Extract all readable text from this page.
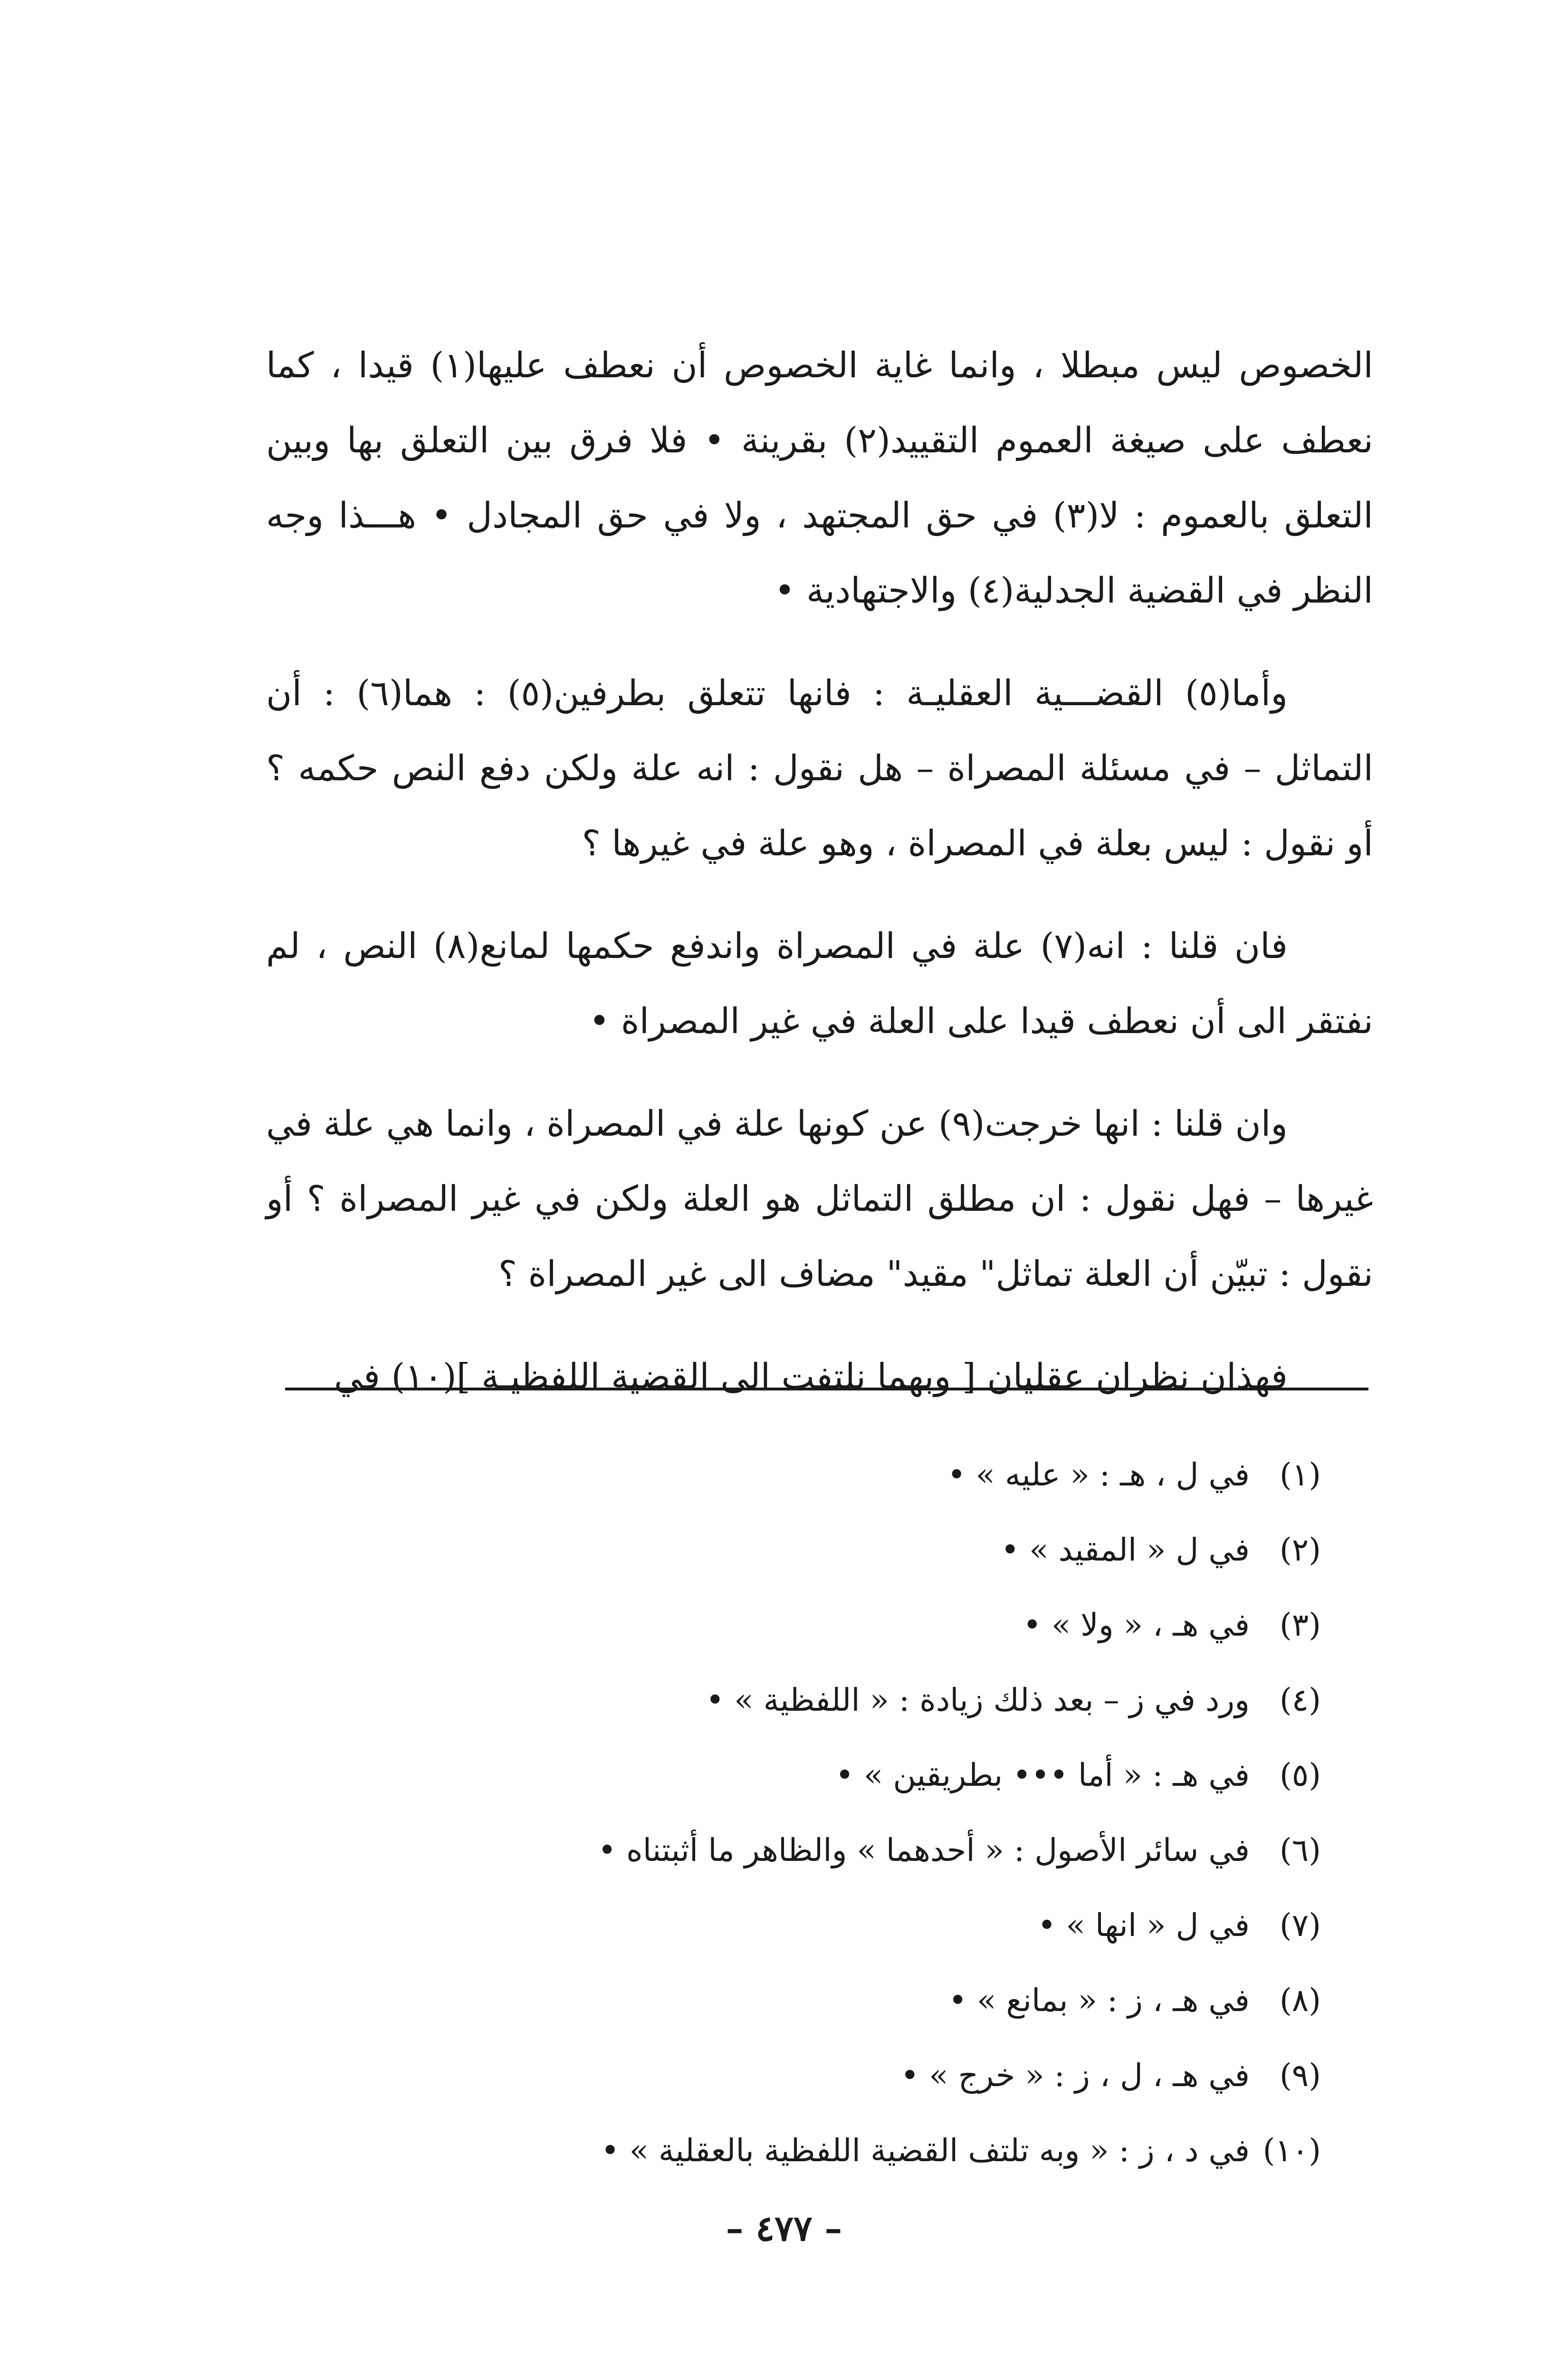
الخصوص ليس مبطلا ، وانما غاية الخصوص أن نعطف عليها(١) قيدا ، كما نعطف على صيغة العموم التقييد(٢) بقرينة • فلا فرق بين التعلق بها وبين التعلق بالعموم : لا(٣) في حق المجتهد ، ولا في حق المجادل • هـــذا وجه النظر في القضية الجدلية(٤) والاجتهادية •

وأما(٥) القضـــية العقليـة : فانها تتعلق بطرفين(٥) : هما(٦) : أن التماثل – في مسئلة المصراة – هل نقول : انه علة ولكن دفع النص حكمه ؟ أو نقول : ليس بعلة في المصراة ، وهو علة في غيرها ؟

فان قلنا : انه(٧) علة في المصراة واندفع حكمها لمانع(٨) النص ، لم نفتقر الى أن نعطف قيدا على العلة في غير المصراة •

وان قلنا : انها خرجت(٩) عن كونها علة في المصراة ، وانما هي علة في غيرها – فهل نقول : ان مطلق التماثل هو العلة ولكن في غير المصراة ؟ أو نقول : تبيّن أن العلة تماثل" مقيد" مضاف الى غير المصراة ؟

فهذان نظران عقليان [ وبهما نلتفت الى القضية اللفظيـة ](١٠) في

(١)
في ل ، هـ : « عليه » •
(٢)
في ل « المقيد » •
(٣)
في هـ ، « ولا » •
(٤)
ورد في ز – بعد ذلك زيادة : « اللفظية » •
(٥)
في هـ : « أما ••• بطريقين » •
(٦)
في سائر الأصول : « أحدهما » والظاهر ما أثبتناه •
(٧)
في ل « انها » •
(٨)
في هـ ، ز : « بمانع » •
(٩)
في هـ ، ل ، ز : « خرج » •
(١٠)
في د ، ز : « وبه تلتف القضية اللفظية بالعقلية » •
– ٤٧٧ –
